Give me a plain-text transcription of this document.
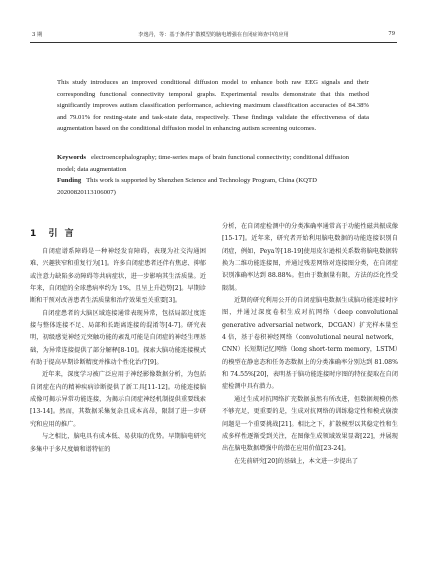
3 期	李逸丹，等：基于条件扩散模型的脑电增强在自闭症筛查中的应用	79
This study introduces an improved conditional diffusion model to enhance both raw EEG signals and their corresponding functional connectivity temporal graphs. Experimental results demonstrate that this method significantly improves autism classification performance, achieving maximum classification accuracies of 84.38% and 79.01% for resting-state and task-state data, respectively. These findings validate the effectiveness of data augmentation based on the conditional diffusion model in enhancing autism screening outcomes.
Keywords electroencephalography; time-series maps of brain functional connectivity; conditional diffusion model; data augmentation
Funding This work is supported by Shenzhen Science and Technology Program, China (KQTD 20200820113106007)
1 引 言

自闭症谱系障碍是一种神经发育障碍，表现为社交沟通困难、兴趣狭窄和重复行为[1]。许多自闭症患者还伴有焦虑、抑郁或注意力缺陷多动障碍等共病症状，进一步影响其生活质量。近年来，自闭症的全球患病率约为 1%，且呈上升趋势[2]。早期诊断和干预对改善患者生活质量和治疗效果至关重要[3]。

自闭症患者的大脑区域连接通常表现异常，包括局部过度连接与整体连接不足、局部和长距离连接的混淆等[4-7]。研究表明，初级感觉神经元突触功能的紊乱可能是自闭症的神经生理基础，为异常连接提供了部分解释[8-10]。探索大脑功能连接模式有助于提高早期诊断精度并推动个性化治疗[9]。

近年来，深度学习被广泛应用于神经影像数据分析，为包括自闭症在内的精神疾病诊断提供了新工具[11-12]。功能连接脑成像可揭示异常功能连接，为揭示自闭症神经机制提供重要线索[13-14]。然而，其数据采集复杂且成本高昂，限制了进一步研究和应用的推广。

与之相比，脑电具有成本低、易获取的优势。早期脑电研究多集中于多尺度熵和谱特征的

分析，在自闭症检测中的分类准确率通常高于功能性磁共振成像[15-17]。近年来，研究者开始利用脑电数据的功能连接识别自闭症，例如，Peya等[18-19]使用皮尔逊相关系数将脑电数据转换为二维功能连接图，并通过残差网络对连接图分类，在自闭症识别准确率达到 88.88%。但由于数据量有限，方法的泛化性受限制。

近期的研究利用公开的自闭症脑电数据生成脑功能连接时序图，并通过深度卷积生成对抗网络（deep convolutional generative adversarial network，DCGAN）扩充样本量至 4 倍，基于卷积神经网络（convolutional neural network，CNN）长短期记忆网络（long short-term memory，LSTM）的模型在静息态和任务态数据上的分类准确率分别达到 81.08% 和 74.55%[20]，表明基于脑功能连接时序图的特征提取在自闭症检测中具有潜力。

通过生成对抗网络扩充数据虽然有所改进，但数据规模仍然不够充足，更重要的是，生成对抗网络的训练稳定性和模式崩溃问题是一个重要挑战[21]。相比之下，扩散模型以其稳定性和生成多样性逐渐受到关注，在图像生成领域效果显著[22]，并展现出在脑电数据增强中的潜在应用价值[23-24]。

在先前研究[20]的基础上，本文进一步提出了
